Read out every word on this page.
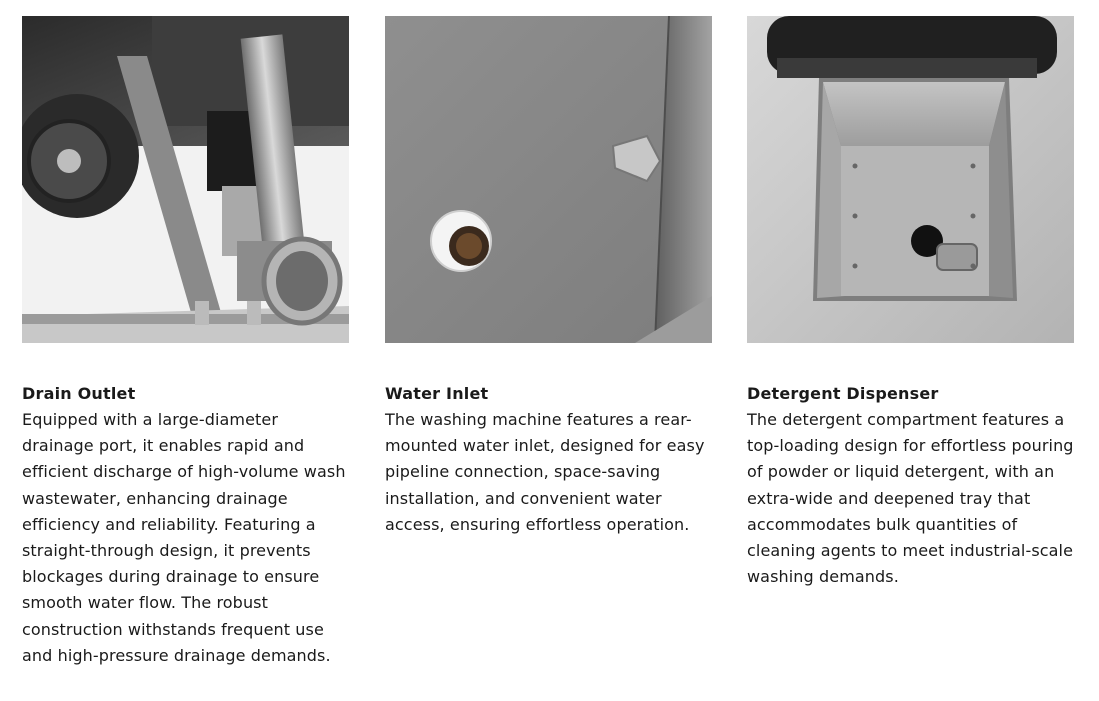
Drain Outlet
Equipped with a large-diameter drainage port, it enables rapid and efficient discharge of high-volume wash wastewater, enhancing drainage efficiency and reliability. Featuring a straight-through design, it prevents blockages during drainage to ensure smooth water flow. The robust construction withstands frequent use and high-pressure drainage demands.
Water Inlet
The washing machine features a rear-mounted water inlet, designed for easy pipeline connection, space-saving installation, and convenient water access, ensuring effortless operation.
Detergent Dispenser
The detergent compartment features a top-loading design for effortless pouring of powder or liquid detergent, with an extra-wide and deepened tray that accommodates bulk quantities of cleaning agents to meet industrial-scale washing demands.
